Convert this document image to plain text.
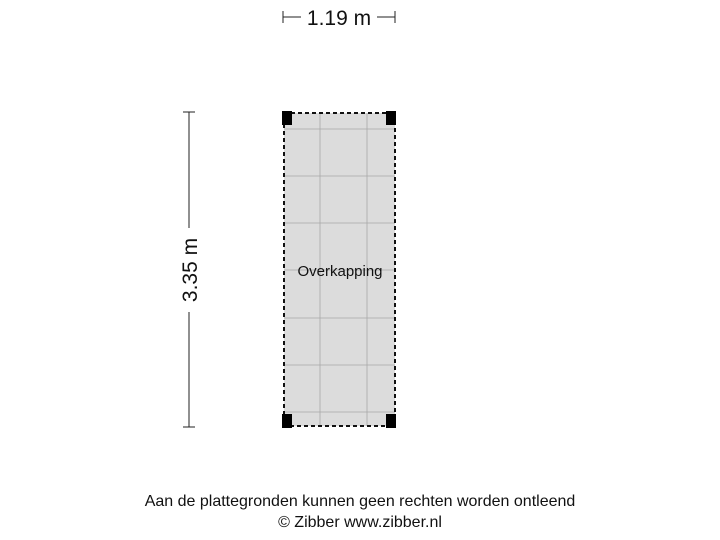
1.19 m
3.35 m	Overkapping
Aan de plattegronden kunnen geen rechten worden ontleend
© Zibber www.zibber.nl
